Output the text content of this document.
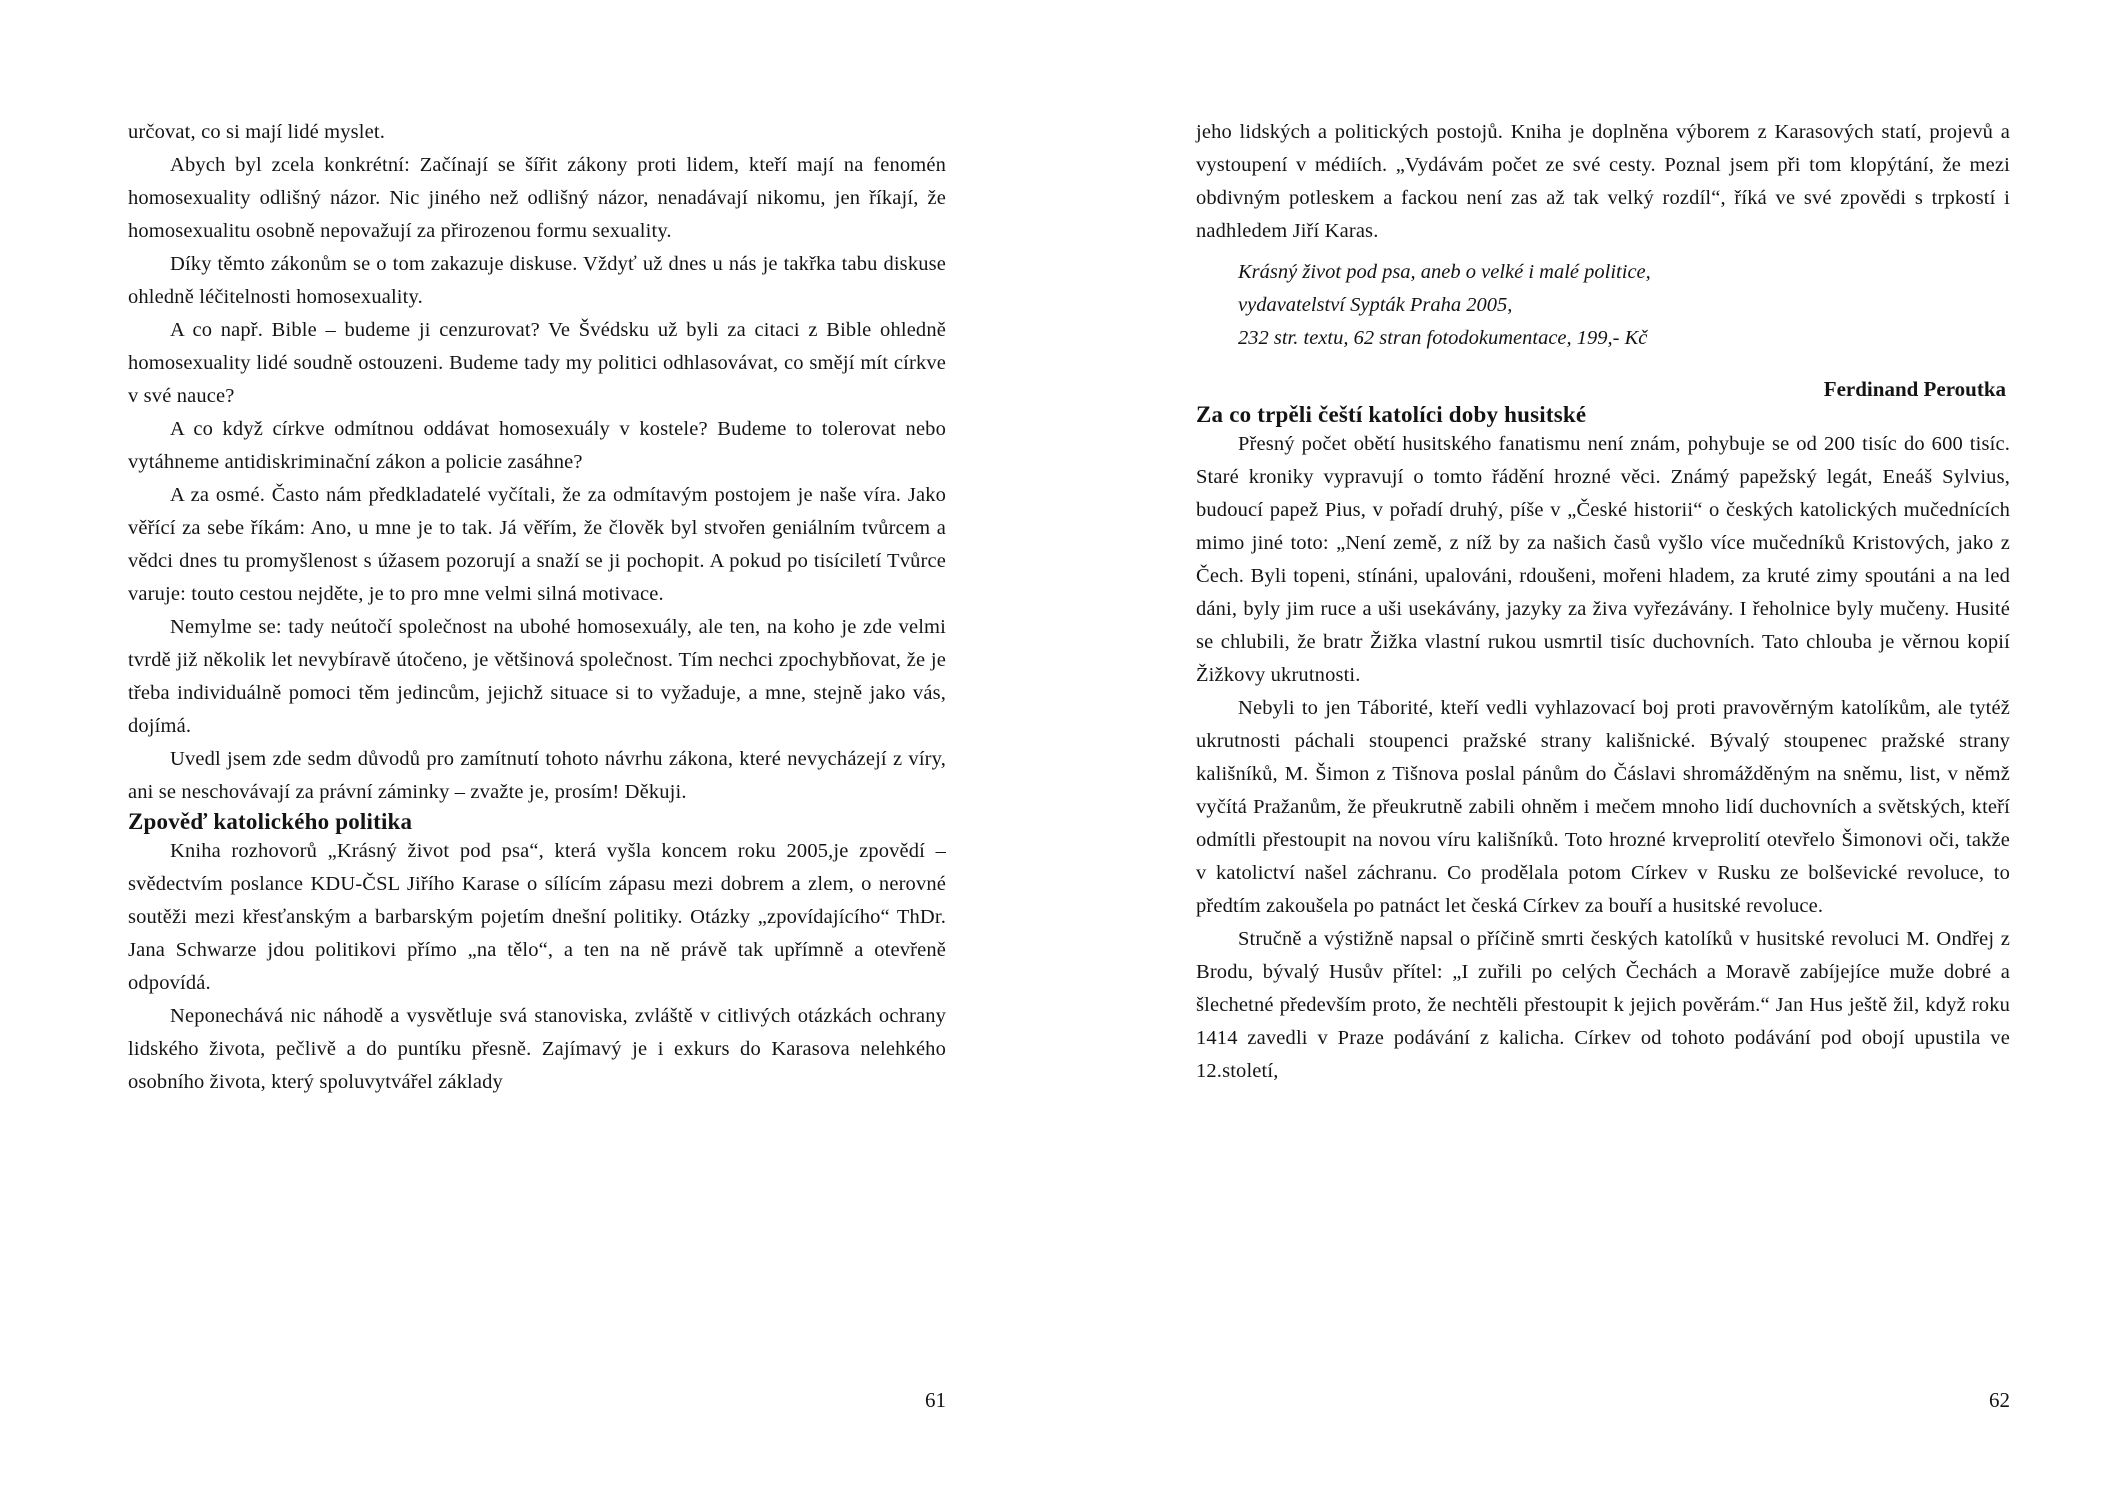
určovat, co si mají lidé myslet.

Abych byl zcela konkrétní: Začínají se šířit zákony proti lidem, kteří mají na fenomén homosexuality odlišný názor. Nic jiného než odlišný názor, nenadávají nikomu, jen říkají, že homosexualitu osobně nepovažují za přirozenou formu sexuality.

Díky těmto zákonům se o tom zakazuje diskuse. Vždyť už dnes u nás je takřka tabu diskuse ohledně léčitelnosti homosexuality.

A co např. Bible – budeme ji cenzurovat? Ve Švédsku už byli za citaci z Bible ohledně homosexuality lidé soudně ostouzeni. Budeme tady my politici odhlasovávat, co smějí mít církve v své nauce?

A co když církve odmítnou oddávat homosexuály v kostele? Budeme to tolerovat nebo vytáhneme antidiskriminační zákon a policie zasáhne?

A za osmé. Často nám předkladatelé vyčítali, že za odmítavým postojem je naše víra. Jako věřící za sebe říkám: Ano, u mne je to tak. Já věřím, že člověk byl stvořen geniálním tvůrcem a vědci dnes tu promyšlenost s úžasem pozorují a snaží se ji pochopit. A pokud po tisíciletí Tvůrce varuje: touto cestou nejděte, je to pro mne velmi silná motivace.

Nemylme se: tady neútočí společnost na ubohé homosexuály, ale ten, na koho je zde velmi tvrdě již několik let nevybíravě útočeno, je většinová společnost. Tím nechci zpochybňovat, že je třeba individuálně pomoci těm jedincům, jejichž situace si to vyžaduje, a mne, stejně jako vás, dojímá.

Uvedl jsem zde sedm důvodů pro zamítnutí tohoto návrhu zákona, které nevycházejí z víry, ani se neschovávají za právní záminky – zvažte je, prosím! Děkuji.

Zpověď katolického politika

Kniha rozhovorů „Krásný život pod psa“, která vyšla koncem roku 2005,je zpovědí – svědectvím poslance KDU-ČSL Jiřího Karase o sílícím zápasu mezi dobrem a zlem, o nerovné soutěži mezi křesťanským a barbarským pojetím dnešní politiky. Otázky „zpovídajícího“ ThDr. Jana Schwarze jdou politikovi přímo „na tělo“, a ten na ně právě tak upřímně a otevřeně odpovídá.

Neponechává nic náhodě a vysvětluje svá stanoviska, zvláště v citlivých otázkách ochrany lidského života, pečlivě a do puntíku přesně. Zajímavý je i exkurs do Karasova nelehkého osobního života, který spoluvytvářel základy

61

jeho lidských a politických postojů. Kniha je doplněna výborem z Karasových statí, projevů a vystoupení v médiích. „Vydávám počet ze své cesty. Poznal jsem při tom klopýtání, že mezi obdivným potleskem a fackou není zas až tak velký rozdíl“, říká ve své zpovědi s trpkostí i nadhledem Jiří Karas.

Krásný život pod psa, aneb o velké i malé politice,

vydavatelství Sypták Praha 2005,

232 str. textu, 62 stran fotodokumentace, 199,- Kč

Ferdinand Peroutka

Za co trpěli čeští katolíci doby husitské

Přesný počet obětí husitského fanatismu není znám, pohybuje se od 200 tisíc do 600 tisíc. Staré kroniky vypravují o tomto řádění hrozné věci. Známý papežský legát, Eneáš Sylvius, budoucí papež Pius, v pořadí druhý, píše v „České historii“ o českých katolických mučednících mimo jiné toto: „Není země, z níž by za našich časů vyšlo více mučedníků Kristových, jako z Čech. Byli topeni, stínáni, upalováni, rdoušeni, mořeni hladem, za kruté zimy spoutáni a na led dáni, byly jim ruce a uši usekávány, jazyky za živa vyřezávány. I řeholnice byly mučeny. Husité se chlubili, že bratr Žižka vlastní rukou usmrtil tisíc duchovních. Tato chlouba je věrnou kopií Žižkovy ukrutnosti.

Nebyli to jen Táborité, kteří vedli vyhlazovací boj proti pravověrným katolíkům, ale tytéž ukrutnosti páchali stoupenci pražské strany kališnické. Bývalý stoupenec pražské strany kališníků, M. Šimon z Tišnova poslal pánům do Čáslavi shromážděným na sněmu, list, v němž vyčítá Pražanům, že přeukrutně zabili ohněm i mečem mnoho lidí duchovních a světských, kteří odmítli přestoupit na novou víru kališníků. Toto hrozné krveprolití otevřelo Šimonovi oči, takže v katolictví našel záchranu. Co prodělala potom Církev v Rusku ze bolševické revoluce, to předtím zakoušela po patnáct let česká Církev za bouří a husitské revoluce.

Stručně a výstižně napsal o příčině smrti českých katolíků v husitské revoluci M. Ondřej z Brodu, bývalý Husův přítel: „I zuřili po celých Čechách a Moravě zabíjejíce muže dobré a šlechetné především proto, že nechtěli přestoupit k jejich pověrám.“ Jan Hus ještě žil, když roku 1414 zavedli v Praze podávání z kalicha. Církev od tohoto podávání pod obojí upustila ve 12.století,

62
